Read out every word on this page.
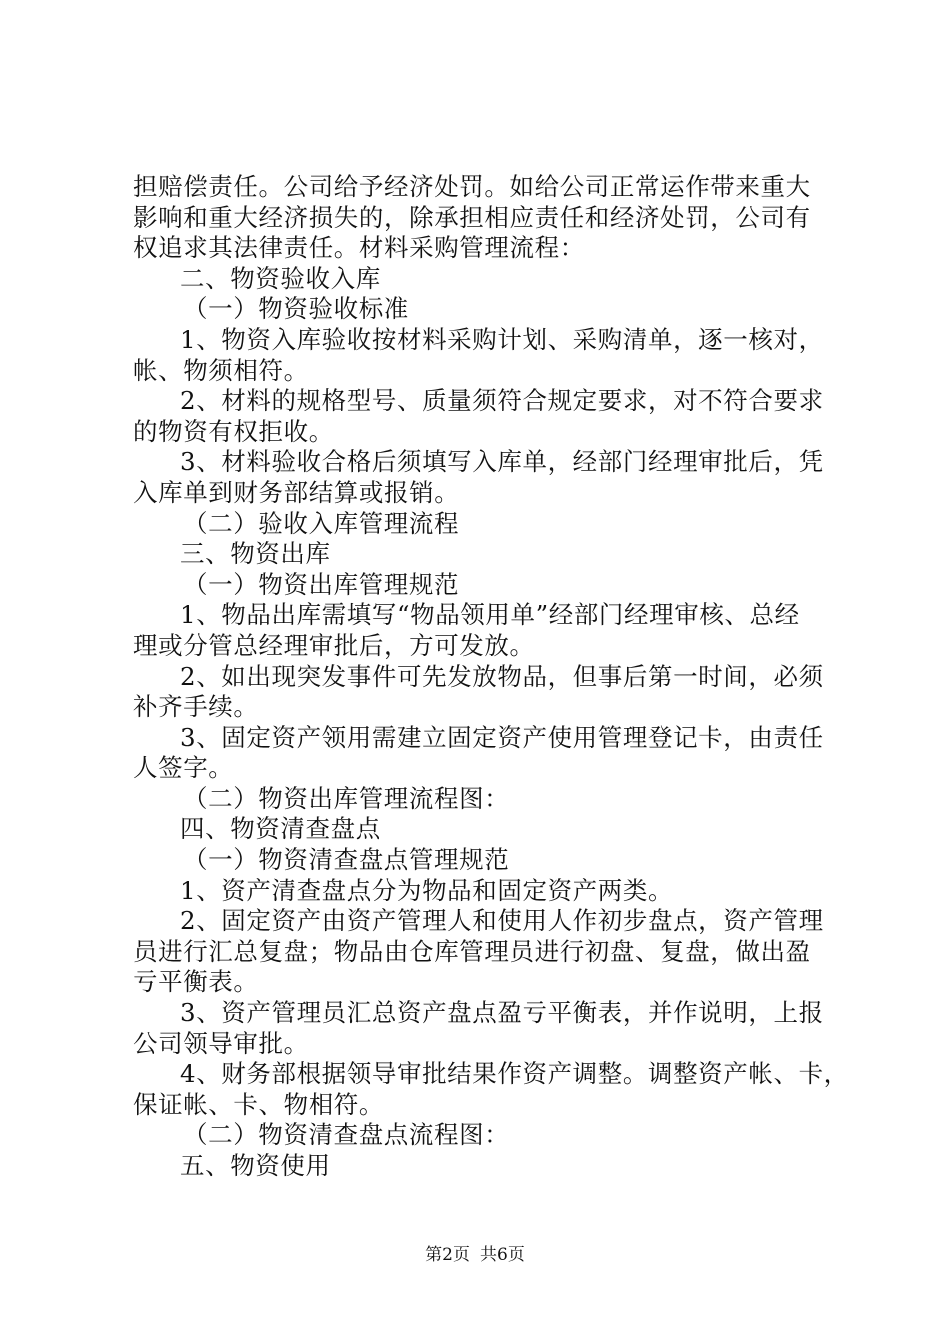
担赔偿责任。公司给予经济处罚。如给公司正常运作带来重大
影响和重大经济损失的，除承担相应责任和经济处罚，公司有
权追求其法律责任。材料采购管理流程：
二、物资验收入库
（一）物资验收标准
1、物资入库验收按材料采购计划、采购清单，逐一核对，
帐、物须相符。
2、材料的规格型号、质量须符合规定要求，对不符合要求
的物资有权拒收。
3、材料验收合格后须填写入库单，经部门经理审批后，凭
入库单到财务部结算或报销。
（二）验收入库管理流程
三、物资出库
（一）物资出库管理规范
1、物品出库需填写“物品领用单”经部门经理审核、总经
理或分管总经理审批后，方可发放。
2、如出现突发事件可先发放物品，但事后第一时间，必须
补齐手续。
3、固定资产领用需建立固定资产使用管理登记卡，由责任
人签字。
（二）物资出库管理流程图：
四、物资清查盘点
（一）物资清查盘点管理规范
1、资产清查盘点分为物品和固定资产两类。
2、固定资产由资产管理人和使用人作初步盘点，资产管理
员进行汇总复盘；物品由仓库管理员进行初盘、复盘，做出盈
亏平衡表。
3、资产管理员汇总资产盘点盈亏平衡表，并作说明，上报
公司领导审批。
4、财务部根据领导审批结果作资产调整。调整资产帐、卡，
保证帐、卡、物相符。
（二）物资清查盘点流程图：
五、物资使用
第2页 共6页
